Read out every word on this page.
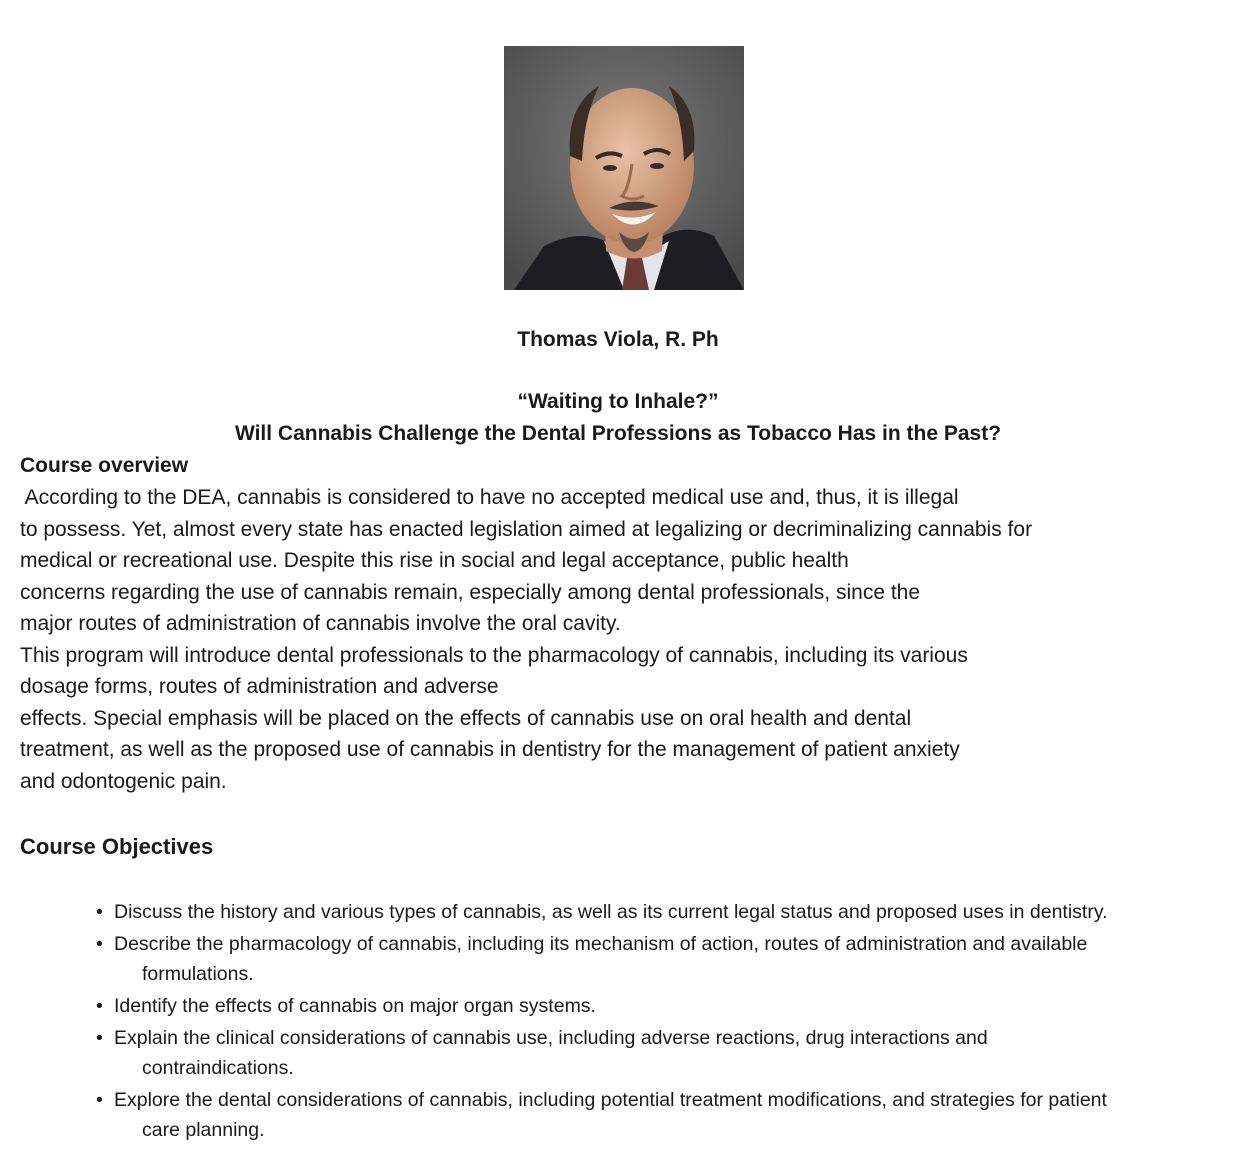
Thomas Viola, R. Ph
“Waiting to Inhale?”
Will Cannabis Challenge the Dental Professions as Tobacco Has in the Past?
Course overview
According to the DEA, cannabis is considered to have no accepted medical use and, thus, it is illegal
to possess. Yet, almost every state has enacted legislation aimed at legalizing or decriminalizing cannabis for
medical or recreational use. Despite this rise in social and legal acceptance, public health
concerns regarding the use of cannabis remain, especially among dental professionals, since the
major routes of administration of cannabis involve the oral cavity.
This program will introduce dental professionals to the pharmacology of cannabis, including its various
dosage forms, routes of administration and adverse
effects. Special emphasis will be placed on the effects of cannabis use on oral health and dental
treatment, as well as the proposed use of cannabis in dentistry for the management of patient anxiety
and odontogenic pain.
Course Objectives
• Discuss the history and various types of cannabis, as well as its current legal status and proposed uses in dentistry.
• Describe the pharmacology of cannabis, including its mechanism of action, routes of administration and available
formulations.
• Identify the effects of cannabis on major organ systems.
• Explain the clinical considerations of cannabis use, including adverse reactions, drug interactions and
contraindications.
• Explore the dental considerations of cannabis, including potential treatment modifications, and strategies for patient
care planning.
